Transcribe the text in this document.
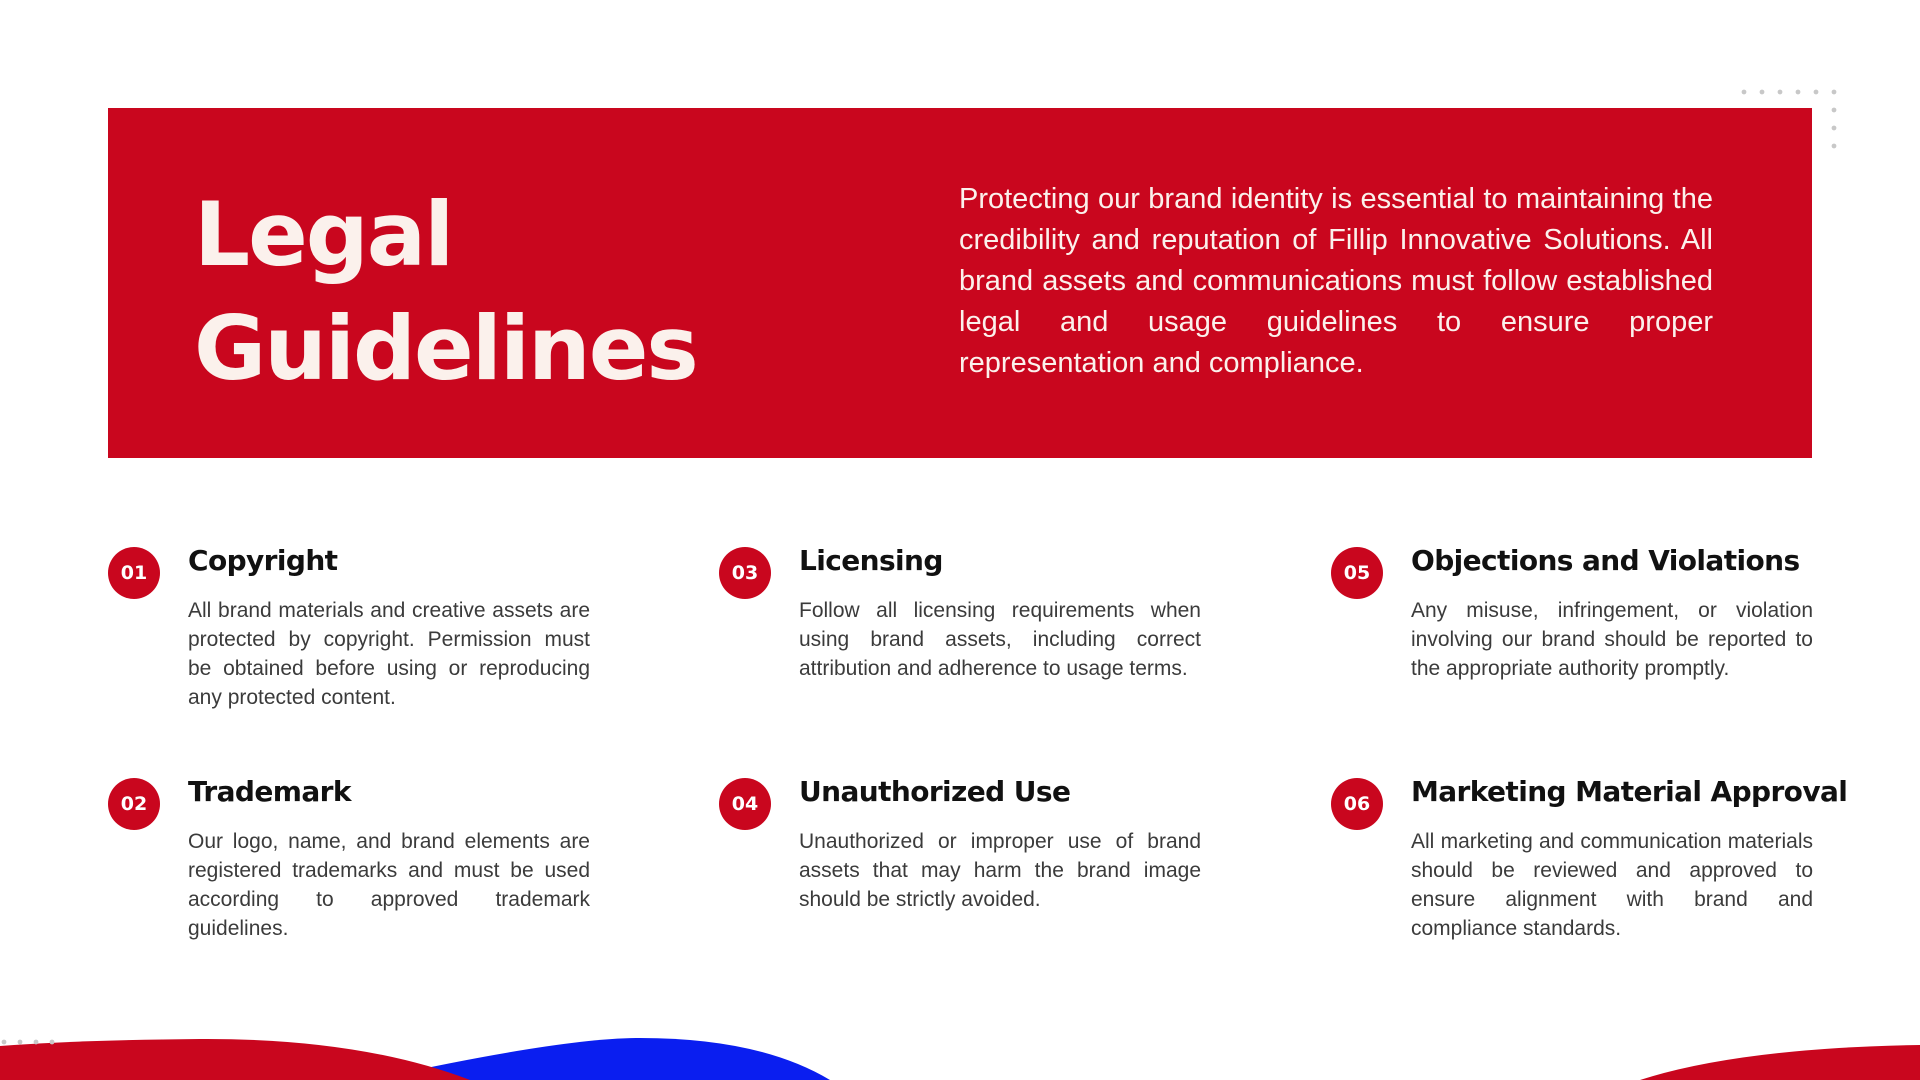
Legal Guidelines

Protecting our brand identity is essential to maintaining the credibility and reputation of Fillip Innovative Solutions. All brand assets and communications must follow established legal and usage guidelines to ensure proper representation and compliance.

01	Copyright

All brand materials and creative assets are protected by copyright. Permission must be obtained before using or reproducing any protected content.

02	Trademark

Our logo, name, and brand elements are registered trademarks and must be used according to approved trademark guidelines.

03	Licensing

Follow all licensing requirements when using brand assets, including correct attribution and adherence to usage terms.

04	Unauthorized Use

Unauthorized or improper use of brand assets that may harm the brand image should be strictly avoided.

05	Objections and Violations

Any misuse, infringement, or violation involving our brand should be reported to the appropriate authority promptly.

06	Marketing Material Approval

All marketing and communication materials should be reviewed and approved to ensure alignment with brand and compliance standards.
